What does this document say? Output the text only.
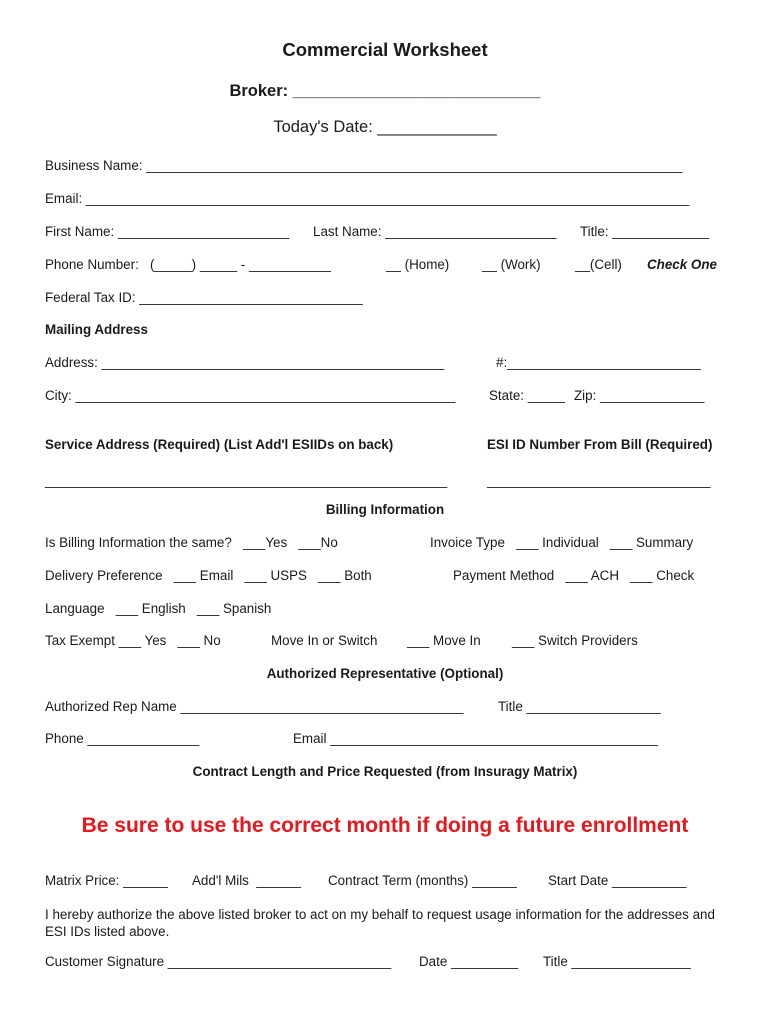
Commercial Worksheet
Broker: ___________________________
Today's Date: _____________
Business Name: ________________________________________________________________________
Email: _________________________________________________________________________________
First Name: _______________________ Last Name: _______________________ Title: _____________
Phone Number:   (_____) _____ - ___________	__ (Home) __ (Work)	__(Cell) Check One
Federal Tax ID: ______________________________
Mailing Address
Address: ______________________________________________	#:__________________________
City: ___________________________________________________	State: _____ Zip: ______________
Service Address (Required) (List Add'l ESIIDs on back)	ESI ID Number From Bill (Required)
______________________________________________________	______________________________
Billing Information
Is Billing Information the same?   ___Yes   ___No	Invoice Type   ___ Individual   ___ Summary
Delivery Preference   ___ Email   ___ USPS   ___ Both	Payment Method   ___ ACH   ___ Check
Language   ___ English   ___ Spanish
Tax Exempt ___ Yes   ___ No	Move In or Switch ___ Move In ___ Switch Providers
Authorized Representative (Optional)
Authorized Rep Name ______________________________________	Title __________________
Phone _______________	Email ____________________________________________
Contract Length and Price Requested (from Insuragy Matrix)
Be sure to use the correct month if doing a future enrollment
Matrix Price: ______ Add'l Mils  ______ Contract Term (months) ______ Start Date __________
I hereby authorize the above listed broker to act on my behalf to request usage information for the addresses and ESI IDs listed above.
Customer Signature ______________________________ Date _________ Title ________________
